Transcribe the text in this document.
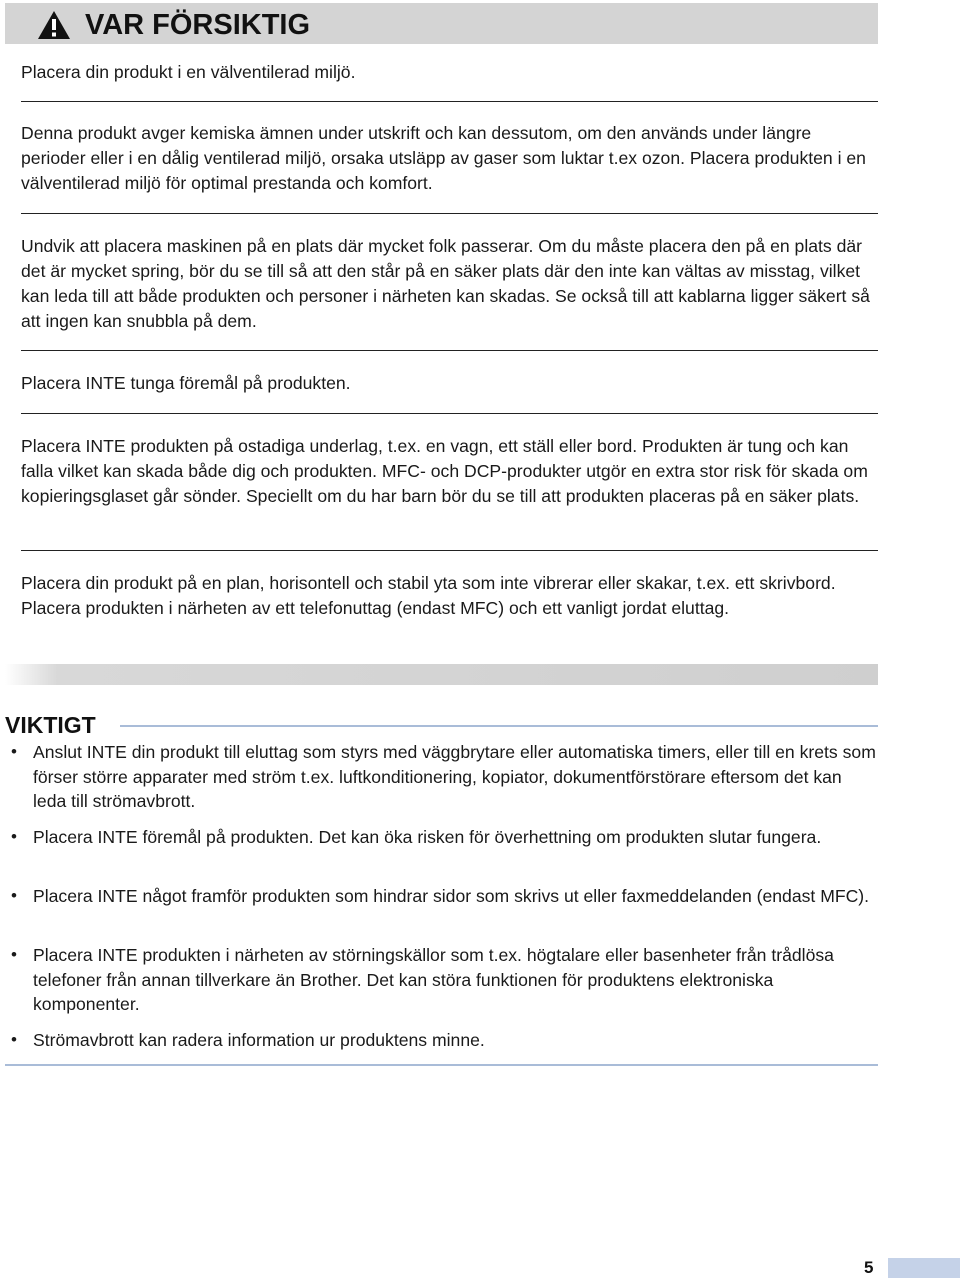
VAR FÖRSIKTIG

Placera din produkt i en välventilerad miljö.

Denna produkt avger kemiska ämnen under utskrift och kan dessutom, om den används under längre perioder eller i en dålig ventilerad miljö, orsaka utsläpp av gaser som luktar t.ex ozon. Placera produkten i en välventilerad miljö för optimal prestanda och komfort.

Undvik att placera maskinen på en plats där mycket folk passerar. Om du måste placera den på en plats där det är mycket spring, bör du se till så att den står på en säker plats där den inte kan vältas av misstag, vilket kan leda till att både produkten och personer i närheten kan skadas. Se också till att kablarna ligger säkert så att ingen kan snubbla på dem.

Placera INTE tunga föremål på produkten.

Placera INTE produkten på ostadiga underlag, t.ex. en vagn, ett ställ eller bord. Produkten är tung och kan falla vilket kan skada både dig och produkten. MFC- och DCP-produkter utgör en extra stor risk för skada om kopieringsglaset går sönder. Speciellt om du har barn bör du se till att produkten placeras på en säker plats.

Placera din produkt på en plan, horisontell och stabil yta som inte vibrerar eller skakar, t.ex. ett skrivbord. Placera produkten i närheten av ett telefonuttag (endast MFC) och ett vanligt jordat eluttag.

VIKTIGT
• Anslut INTE din produkt till eluttag som styrs med väggbrytare eller automatiska timers, eller till en krets som förser större apparater med ström t.ex. luftkonditionering, kopiator, dokumentförstörare eftersom det kan leda till strömavbrott.
• Placera INTE föremål på produkten. Det kan öka risken för överhettning om produkten slutar fungera.
• Placera INTE något framför produkten som hindrar sidor som skrivs ut eller faxmeddelanden (endast MFC).
• Placera INTE produkten i närheten av störningskällor som t.ex. högtalare eller basenheter från trådlösa telefoner från annan tillverkare än Brother. Det kan störa funktionen för produktens elektroniska komponenter.
• Strömavbrott kan radera information ur produktens minne.
5
